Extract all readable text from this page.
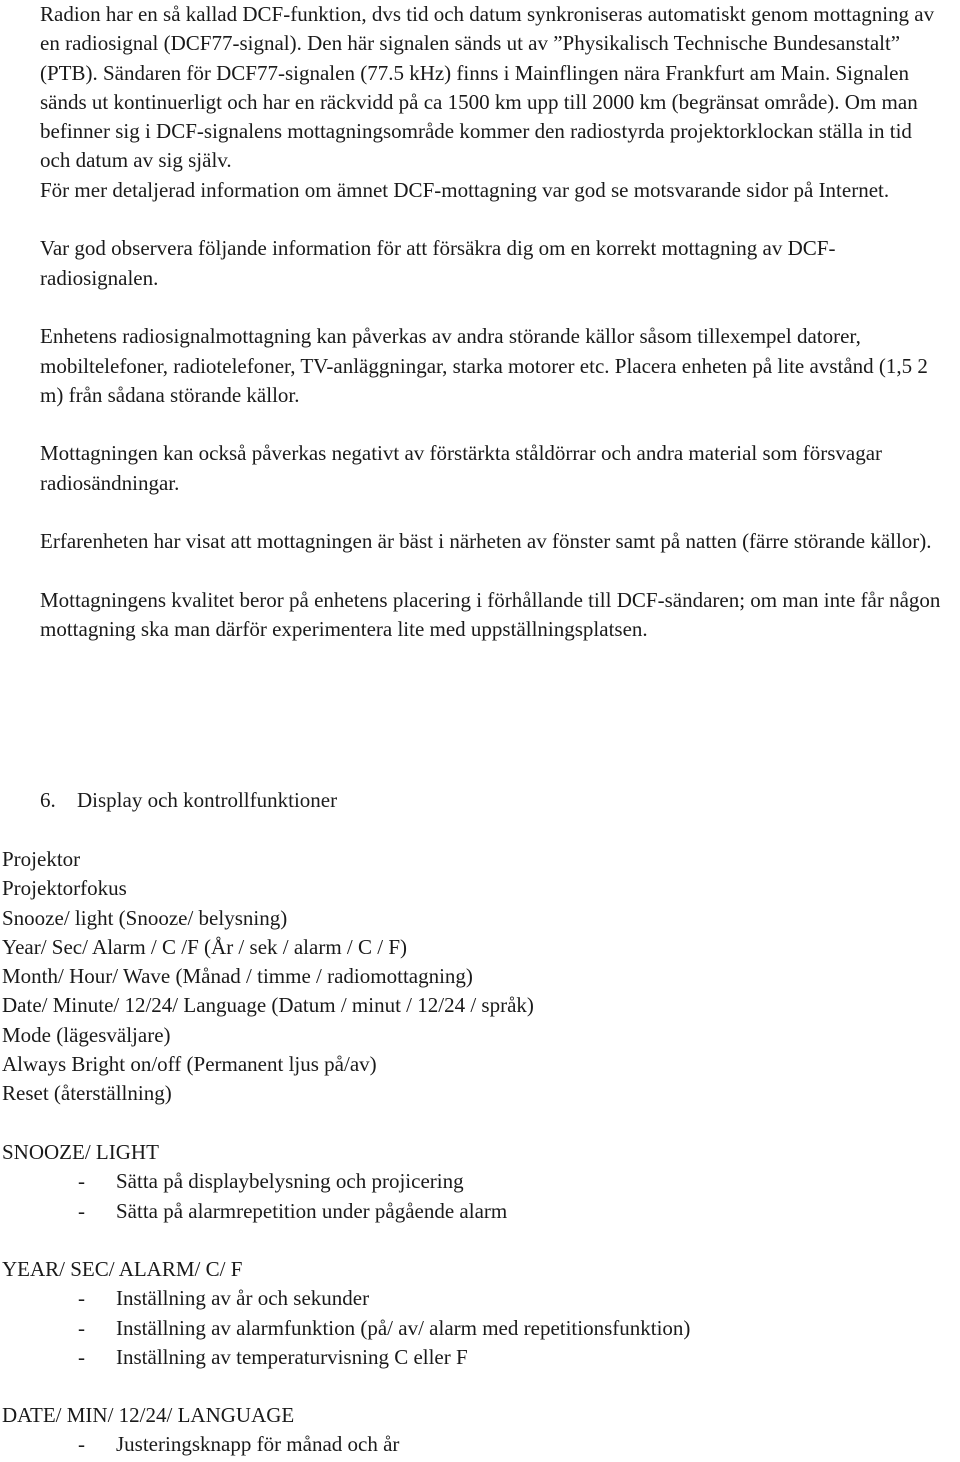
Radion har en så kallad DCF-funktion, dvs tid och datum synkroniseras automatiskt genom mottagning av en radiosignal (DCF77-signal). Den här signalen sänds ut av ”Physikalisch Technische Bundesanstalt” (PTB). Sändaren för DCF77-signalen (77.5 kHz) finns i Mainflingen nära Frankfurt am Main. Signalen sänds ut kontinuerligt och har en räckvidd på ca 1500 km upp till 2000 km (begränsat område). Om man befinner sig i DCF-signalens mottagningsområde kommer den radiostyrda projektorklockan ställa in tid och datum av sig själv.

För mer detaljerad information om ämnet DCF-mottagning var god se motsvarande sidor på Internet.

Var god observera följande information för att försäkra dig om en korrekt mottagning av DCF-radiosignalen.

Enhetens radiosignalmottagning kan påverkas av andra störande källor såsom tillexempel datorer, mobiltelefoner, radiotelefoner, TV-anläggningar, starka motorer etc. Placera enheten på lite avstånd (1,5 2 m) från sådana störande källor.

Mottagningen kan också påverkas negativt av förstärkta ståldörrar och andra material som försvagar radiosändningar.

Erfarenheten har visat att mottagningen är bäst i närheten av fönster samt på natten (färre störande källor).

Mottagningens kvalitet beror på enhetens placering i förhållande till DCF-sändaren; om man inte får någon mottagning ska man därför experimentera lite med uppställningsplatsen.

6. Display och kontrollfunktioner
Projektor
Projektorfokus
Snooze/ light (Snooze/ belysning)
Year/ Sec/ Alarm / C /F (År / sek / alarm / C / F)
Month/ Hour/ Wave (Månad / timme / radiomottagning)
Date/ Minute/ 12/24/ Language (Datum / minut / 12/24 / språk)
Mode (lägesväljare)
Always Bright on/off (Permanent ljus på/av)
Reset (återställning)
SNOOZE/ LIGHT
- Sätta på displaybelysning och projicering
- Sätta på alarmrepetition under pågående alarm
YEAR/ SEC/ ALARM/ C/ F
- Inställning av år och sekunder
- Inställning av alarmfunktion (på/ av/ alarm med repetitionsfunktion)
- Inställning av temperaturvisning C eller F
DATE/ MIN/ 12/24/ LANGUAGE
- Justeringsknapp för månad och år
